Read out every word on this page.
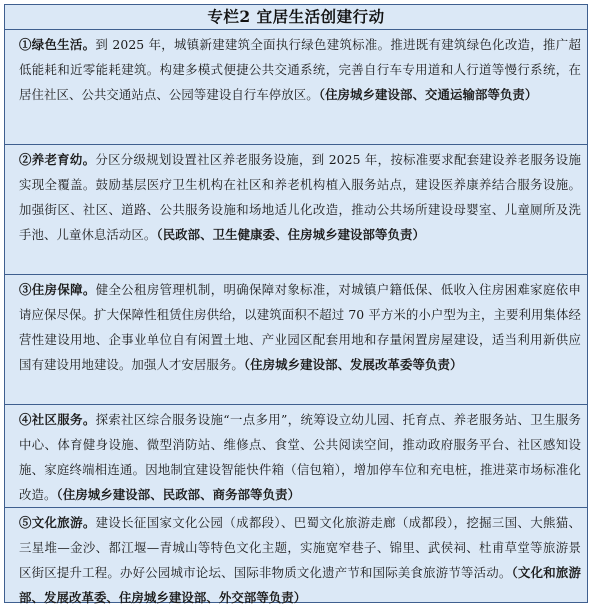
专栏2 宜居生活创建行动
①绿色生活。到 2025 年，城镇新建建筑全面执行绿色建筑标准。推进既有建筑绿色化改造，推广超低能耗和近零能耗建筑。构建多模式便捷公共交通系统，完善自行车专用道和人行道等慢行系统，在居住社区、公共交通站点、公园等建设自行车停放区。（住房城乡建设部、交通运输部等负责）
②养老育幼。分区分级规划设置社区养老服务设施，到 2025 年，按标准要求配套建设养老服务设施实现全覆盖。鼓励基层医疗卫生机构在社区和养老机构植入服务站点，建设医养康养结合服务设施。加强街区、社区、道路、公共服务设施和场地适儿化改造，推动公共场所建设母婴室、儿童厕所及洗手池、儿童休息活动区。（民政部、卫生健康委、住房城乡建设部等负责）
③住房保障。健全公租房管理机制，明确保障对象标准，对城镇户籍低保、低收入住房困难家庭依申请应保尽保。扩大保障性租赁住房供给，以建筑面积不超过 70 平方米的小户型为主，主要利用集体经营性建设用地、企事业单位自有闲置土地、产业园区配套用地和存量闲置房屋建设，适当利用新供应国有建设用地建设。加强人才安居服务。（住房城乡建设部、发展改革委等负责）
④社区服务。探索社区综合服务设施“一点多用”，统筹设立幼儿园、托育点、养老服务站、卫生服务中心、体育健身设施、微型消防站、维修点、食堂、公共阅读空间，推动政府服务平台、社区感知设施、家庭终端相连通。因地制宜建设智能快件箱（信包箱），增加停车位和充电桩，推进菜市场标准化改造。（住房城乡建设部、民政部、商务部等负责）
⑤文化旅游。建设长征国家文化公园（成都段）、巴蜀文化旅游走廊（成都段），挖掘三国、大熊猫、三星堆—金沙、都江堰—青城山等特色文化主题，实施宽窄巷子、锦里、武侯祠、杜甫草堂等旅游景区街区提升工程。办好公园城市论坛、国际非物质文化遗产节和国际美食旅游节等活动。（文化和旅游部、发展改革委、住房城乡建设部、外交部等负责）
